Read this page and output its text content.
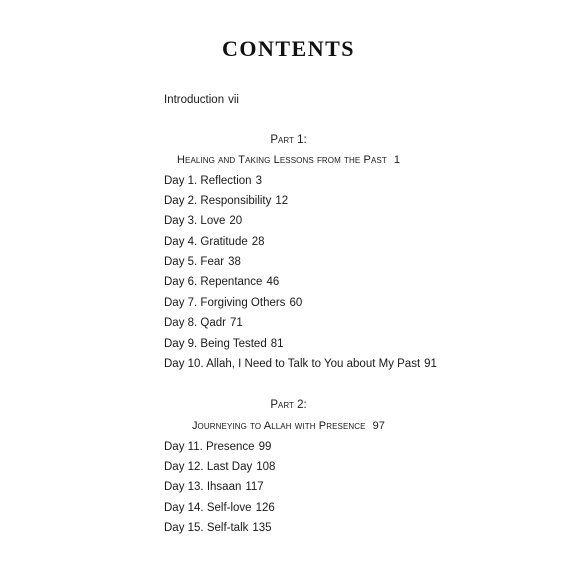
CONTENTS
Introduction vii
Part 1:
Healing and Taking Lessons from the Past 1
Day 1. Reflection 3
Day 2. Responsibility 12
Day 3. Love 20
Day 4. Gratitude 28
Day 5. Fear 38
Day 6. Repentance 46
Day 7. Forgiving Others 60
Day 8. Qadr 71
Day 9. Being Tested 81
Day 10. Allah, I Need to Talk to You about My Past 91
Part 2:
Journeying to Allah with Presence 97
Day 11. Presence 99
Day 12. Last Day 108
Day 13. Ihsaan 117
Day 14. Self-love 126
Day 15. Self-talk 135
